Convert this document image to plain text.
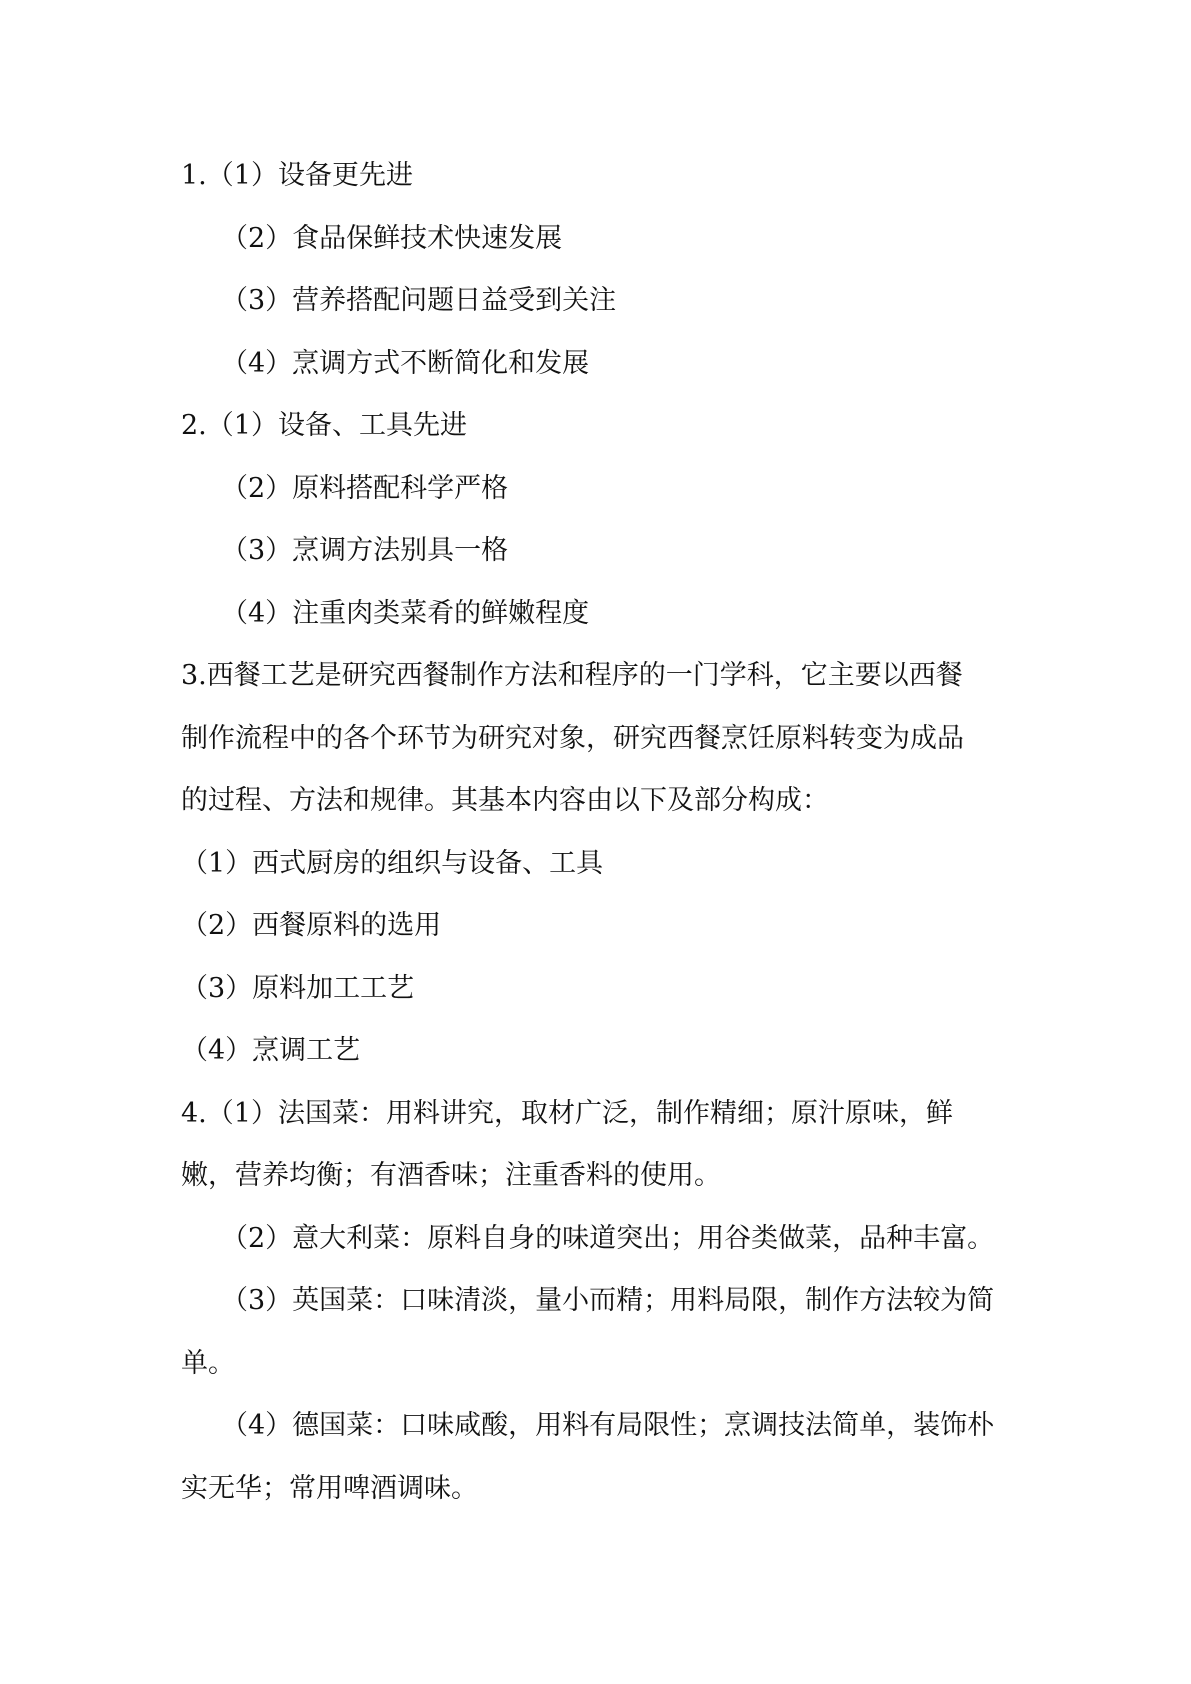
1.（1）设备更先进

（2）食品保鲜技术快速发展

（3）营养搭配问题日益受到关注

（4）烹调方式不断简化和发展

2.（1）设备、工具先进

（2）原料搭配科学严格

（3）烹调方法别具一格

（4）注重肉类菜肴的鲜嫩程度

3.西餐工艺是研究西餐制作方法和程序的一门学科，它主要以西餐

制作流程中的各个环节为研究对象，研究西餐烹饪原料转变为成品

的过程、方法和规律。其基本内容由以下及部分构成：

（1）西式厨房的组织与设备、工具

（2）西餐原料的选用

（3）原料加工工艺

（4）烹调工艺

4.（1）法国菜：用料讲究，取材广泛，制作精细；原汁原味，鲜

嫩，营养均衡；有酒香味；注重香料的使用。

（2）意大利菜：原料自身的味道突出；用谷类做菜，品种丰富。

（3）英国菜：口味清淡，量小而精；用料局限，制作方法较为简

单。

（4）德国菜：口味咸酸，用料有局限性；烹调技法简单，装饰朴

实无华；常用啤酒调味。
